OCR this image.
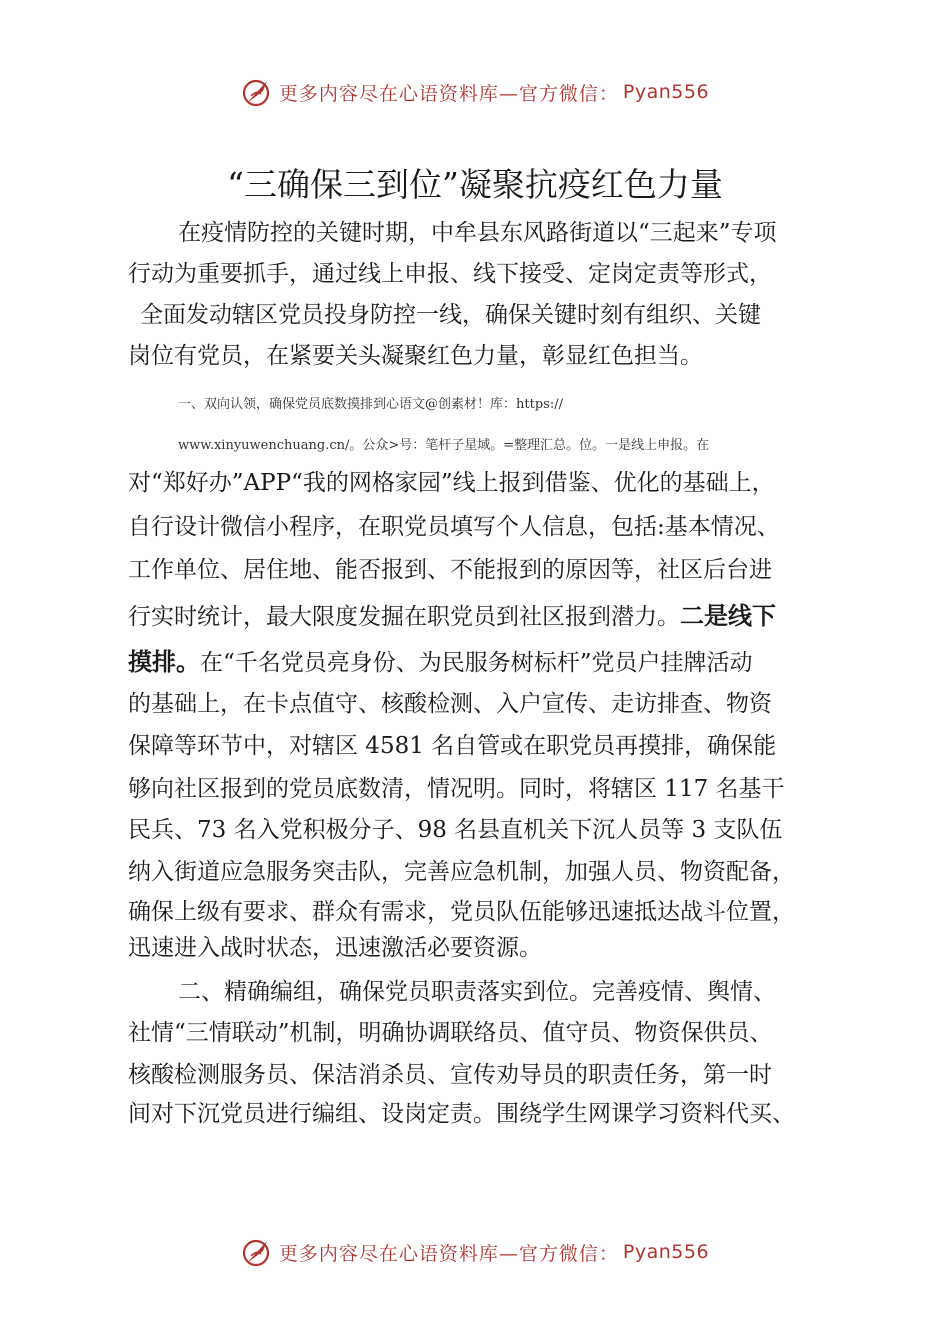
更多内容尽在心语资料库—官方微信： Pyan556
“三确保三到位”凝聚抗疫红色力量
在疫情防控的关键时期，中牟县东风路街道以“三起来”专项
行动为重要抓手，通过线上申报、线下接受、定岗定责等形式，
全面发动辖区党员投身防控一线，确保关键时刻有组织、关键
岗位有党员，在紧要关头凝聚红色力量，彰显红色担当。
一、双向认领，确保党员底数摸排到心语文@创素材！库：https://
www.xinyuwenchuang.cn/。公众>号：笔杆子星域。=整理汇总。位。一是线上申报。在
对“郑好办”APP“我的网格家园”线上报到借鉴、优化的基础上，
自行设计微信小程序，在职党员填写个人信息，包括:基本情况、
工作单位、居住地、能否报到、不能报到的原因等，社区后台进
行实时统计，最大限度发掘在职党员到社区报到潜力。二是线下
摸排。在“千名党员亮身份、为民服务树标杆”党员户挂牌活动
的基础上，在卡点值守、核酸检测、入户宣传、走访排查、物资
保障等环节中，对辖区 4581 名自管或在职党员再摸排，确保能
够向社区报到的党员底数清，情况明。同时，将辖区 117 名基干
民兵、73 名入党积极分子、98 名县直机关下沉人员等 3 支队伍
纳入街道应急服务突击队，完善应急机制，加强人员、物资配备，
确保上级有要求、群众有需求，党员队伍能够迅速抵达战斗位置，
迅速进入战时状态，迅速激活必要资源。
二、精确编组，确保党员职责落实到位。完善疫情、舆情、
社情“三情联动”机制，明确协调联络员、值守员、物资保供员、
核酸检测服务员、保洁消杀员、宣传劝导员的职责任务，第一时
间对下沉党员进行编组、设岗定责。围绕学生网课学习资料代买、
更多内容尽在心语资料库—官方微信： Pyan556
